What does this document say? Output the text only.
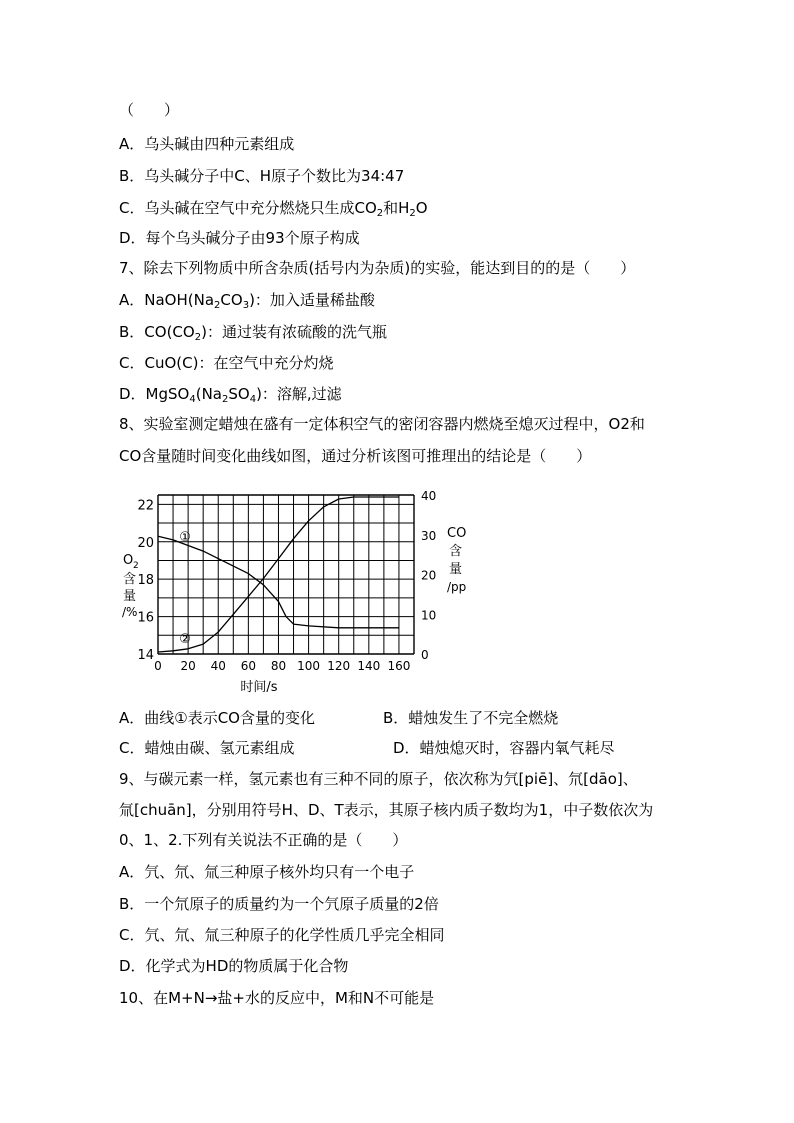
（　　）
A．乌头碱由四种元素组成
B．乌头碱分子中C、H原子个数比为34:47
C．乌头碱在空气中充分燃烧只生成$CO_2$和$H_2O$
D．每个乌头碱分子由93个原子构成
7、除去下列物质中所含杂质(括号内为杂质)的实验，能达到目的的是（　　）
A．$NaOH(Na_2CO_3)$：加入适量稀盐酸
B．$CO(CO_2)$：通过装有浓硫酸的洗气瓶
C．CuO(C)：在空气中充分灼烧
D．$MgSO_4(Na_2SO_4)$：溶解,过滤
8、实验室测定蜡烛在盛有一定体积空气的密闭容器内燃烧至熄灭过程中，O2和
CO含量随时间变化曲线如图，通过分析该图可推理出的结论是（　　）
A．曲线①表示CO含量的变化	B．蜡烛发生了不完全燃烧
C．蜡烛由碳、氢元素组成	D．蜡烛熄灭时，容器内氧气耗尽
9、与碳元素一样，氢元素也有三种不同的原子，依次称为氕[piē]、氘[dāo]、
氚[chuān]，分别用符号H、D、T表示，其原子核内质子数均为1，中子数依次为
0、1、2.下列有关说法不正确的是（　　）
A．氕、氘、氚三种原子核外均只有一个电子
B．一个氘原子的质量约为一个氕原子质量的2倍
C．氕、氘、氚三种原子的化学性质几乎完全相同
D．化学式为HD的物质属于化合物
10、在M+N→盐+水的反应中，M和N不可能是
①
②
0 20 40 60 80 100 120 140 160
14
16
18
20
22
0
10
20
30
40
时间/s
O 2
含
量
/%
CO
含
量
/pp
